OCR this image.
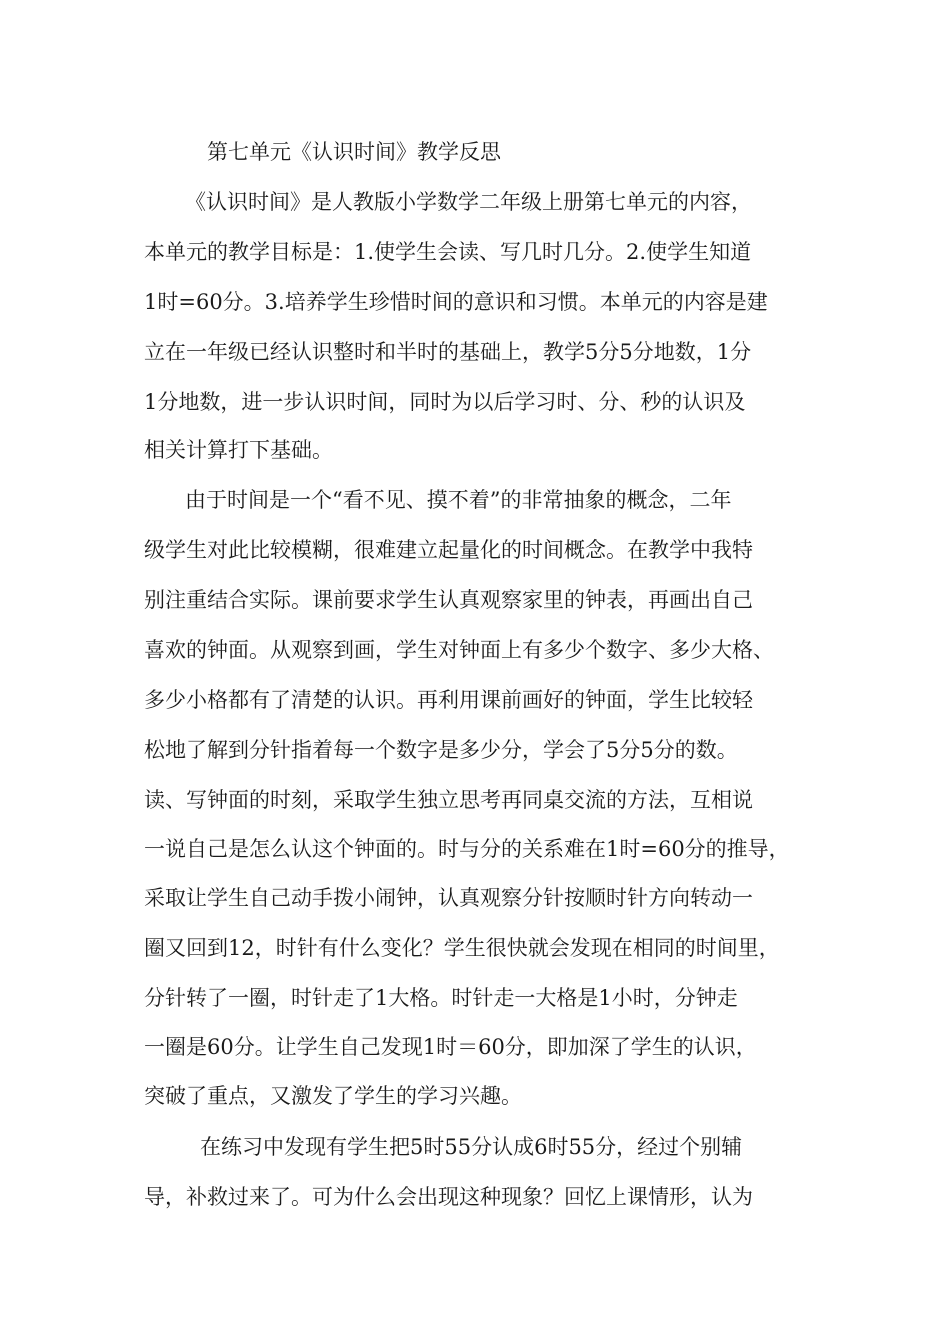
第七单元《认识时间》教学反思
《认识时间》是人教版小学数学二年级上册第七单元的内容，
本单元的教学目标是：1.使学生会读、写几时几分。2.使学生知道
1时=60分。3.培养学生珍惜时间的意识和习惯。本单元的内容是建
立在一年级已经认识整时和半时的基础上，教学5分5分地数，1分
1分地数，进一步认识时间，同时为以后学习时、分、秒的认识及
相关计算打下基础。
由于时间是一个“看不见、摸不着”的非常抽象的概念，二年
级学生对此比较模糊，很难建立起量化的时间概念。在教学中我特
别注重结合实际。课前要求学生认真观察家里的钟表，再画出自己
喜欢的钟面。从观察到画，学生对钟面上有多少个数字、多少大格、
多少小格都有了清楚的认识。再利用课前画好的钟面，学生比较轻
松地了解到分针指着每一个数字是多少分，学会了5分5分的数。
读、写钟面的时刻，采取学生独立思考再同桌交流的方法，互相说
一说自己是怎么认这个钟面的。时与分的关系难在1时=60分的推导，
采取让学生自己动手拨小闹钟，认真观察分针按顺时针方向转动一
圈又回到12，时针有什么变化？学生很快就会发现在相同的时间里，
分针转了一圈，时针走了1大格。时针走一大格是1小时，分钟走
一圈是60分。让学生自己发现1时＝60分，即加深了学生的认识，
突破了重点，又激发了学生的学习兴趣。
在练习中发现有学生把5时55分认成6时55分，经过个别辅
导，补救过来了。可为什么会出现这种现象？回忆上课情形，认为
